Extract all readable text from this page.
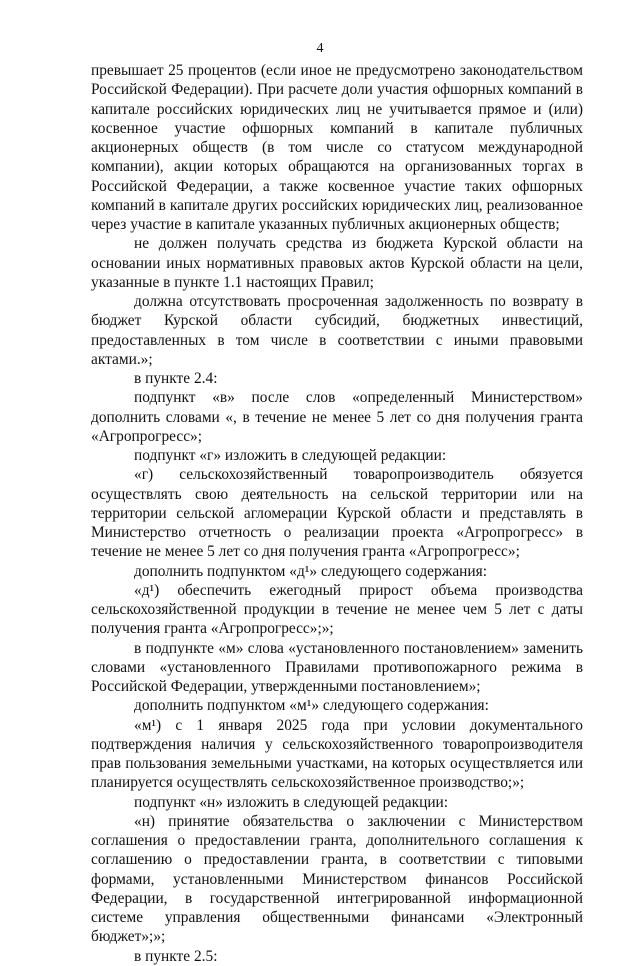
4

превышает 25 процентов (если иное не предусмотрено законодательством Российской Федерации). При расчете доли участия офшорных компаний в капитале российских юридических лиц не учитывается прямое и (или) косвенное участие офшорных компаний в капитале публичных акционерных обществ (в том числе со статусом международной компании), акции которых обращаются на организованных торгах в Российской Федерации, а также косвенное участие таких офшорных компаний в капитале других российских юридических лиц, реализованное через участие в капитале указанных публичных акционерных обществ;

не должен получать средства из бюджета Курской области на основании иных нормативных правовых актов Курской области на цели, указанные в пункте 1.1 настоящих Правил;

должна отсутствовать просроченная задолженность по возврату в бюджет Курской области субсидий, бюджетных инвестиций, предоставленных в том числе в соответствии с иными правовыми актами.»;

в пункте 2.4:

подпункт «в» после слов «определенный Министерством» дополнить словами «, в течение не менее 5 лет со дня получения гранта «Агропрогресс»;

подпункт «г» изложить в следующей редакции:

«г) сельскохозяйственный товаропроизводитель обязуется осуществлять свою деятельность на сельской территории или на территории сельской агломерации Курской области и представлять в Министерство отчетность о реализации проекта «Агропрогресс» в течение не менее 5 лет со дня получения гранта «Агропрогресс»;

дополнить подпунктом «д¹» следующего содержания:

«д¹) обеспечить ежегодный прирост объема производства сельскохозяйственной продукции в течение не менее чем 5 лет с даты получения гранта «Агропрогресс»;»;

в подпункте «м» слова «установленного постановлением» заменить словами «установленного Правилами противопожарного режима в Российской Федерации, утвержденными постановлением»;

дополнить подпунктом «м¹» следующего содержания:

«м¹) с 1 января 2025 года при условии документального подтверждения наличия у сельскохозяйственного товаропроизводителя прав пользования земельными участками, на которых осуществляется или планируется осуществлять сельскохозяйственное производство;»;

подпункт «н» изложить в следующей редакции:

«н) принятие обязательства о заключении с Министерством соглашения о предоставлении гранта, дополнительного соглашения к соглашению о предоставлении гранта, в соответствии с типовыми формами, установленными Министерством финансов Российской Федерации, в государственной интегрированной информационной системе управления общественными финансами «Электронный бюджет»;»;

в пункте 2.5:
